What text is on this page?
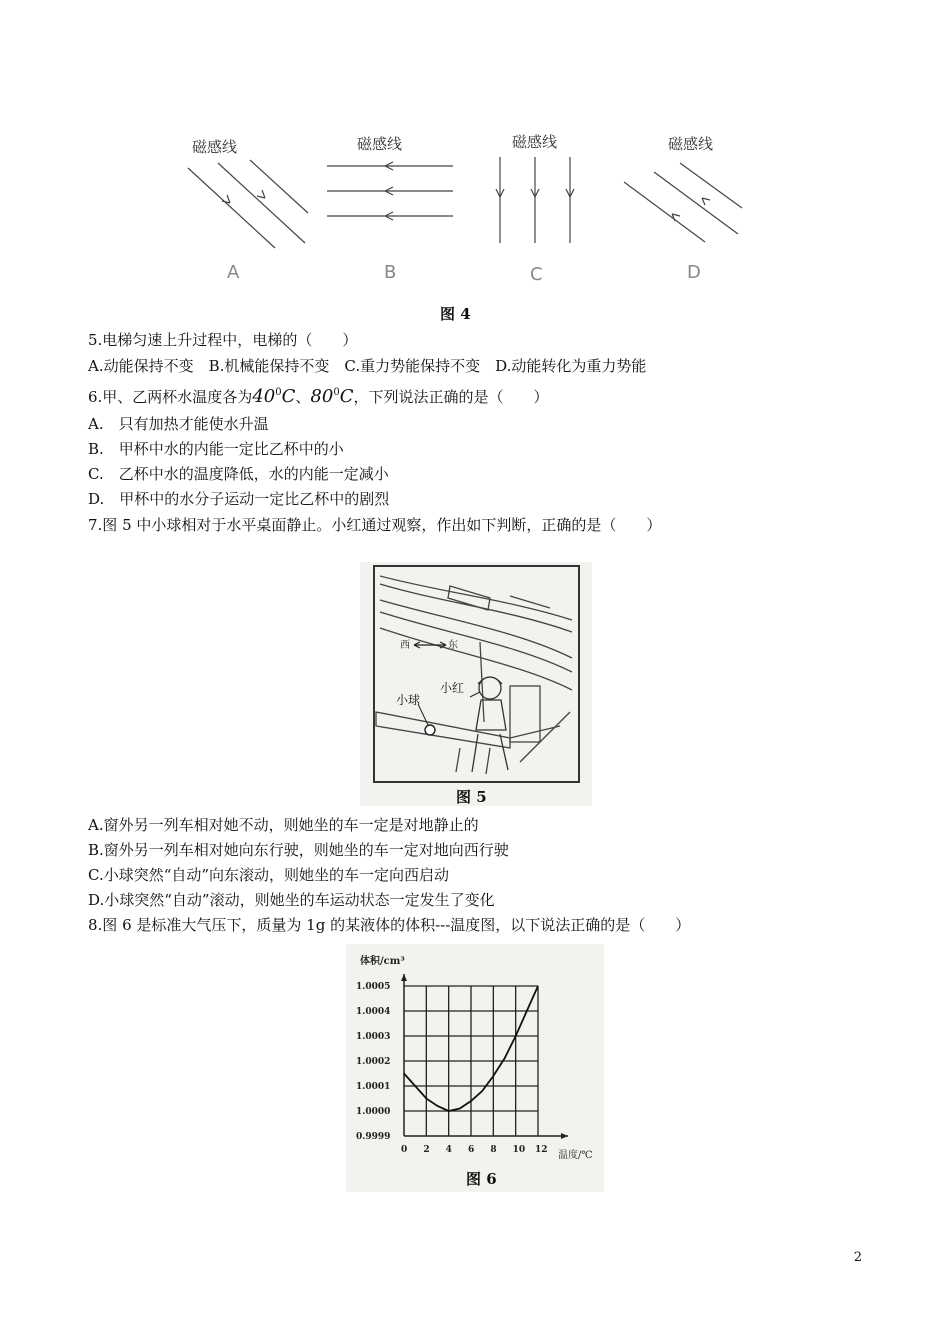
磁感线
A
磁感线
B
磁感线
C
磁感线
D
图 4
5.电梯匀速上升过程中，电梯的（　　）
A.动能保持不变　B.机械能保持不变　C.重力势能保持不变　D.动能转化为重力势能
6.甲、乙两杯水温度各为$40^0C$、$80^0C$，下列说法正确的是（　　）
A.　只有加热才能使水升温
B.　甲杯中水的内能一定比乙杯中的小
C.　乙杯中水的温度降低，水的内能一定减小
D.　甲杯中的水分子运动一定比乙杯中的剧烈
7.图 5 中小球相对于水平桌面静止。小红通过观察，作出如下判断，正确的是（　　）
西	东
小球
小红
图 5
A.窗外另一列车相对她不动，则她坐的车一定是对地静止的
B.窗外另一列车相对她向东行驶，则她坐的车一定对地向西行驶
C.小球突然“自动”向东滚动，则她坐的车一定向西启动
D.小球突然“自动”滚动，则她坐的车运动状态一定发生了变化
8.图 6 是标准大气压下，质量为 1g 的某液体的体积---温度图，以下说法正确的是（　　）
体积/cm³
温度/℃
图 6
0 2 4 6 8 10 12
0.9999
1.0000
1.0001
1.0002
1.0003
1.0004
1.0005
2
